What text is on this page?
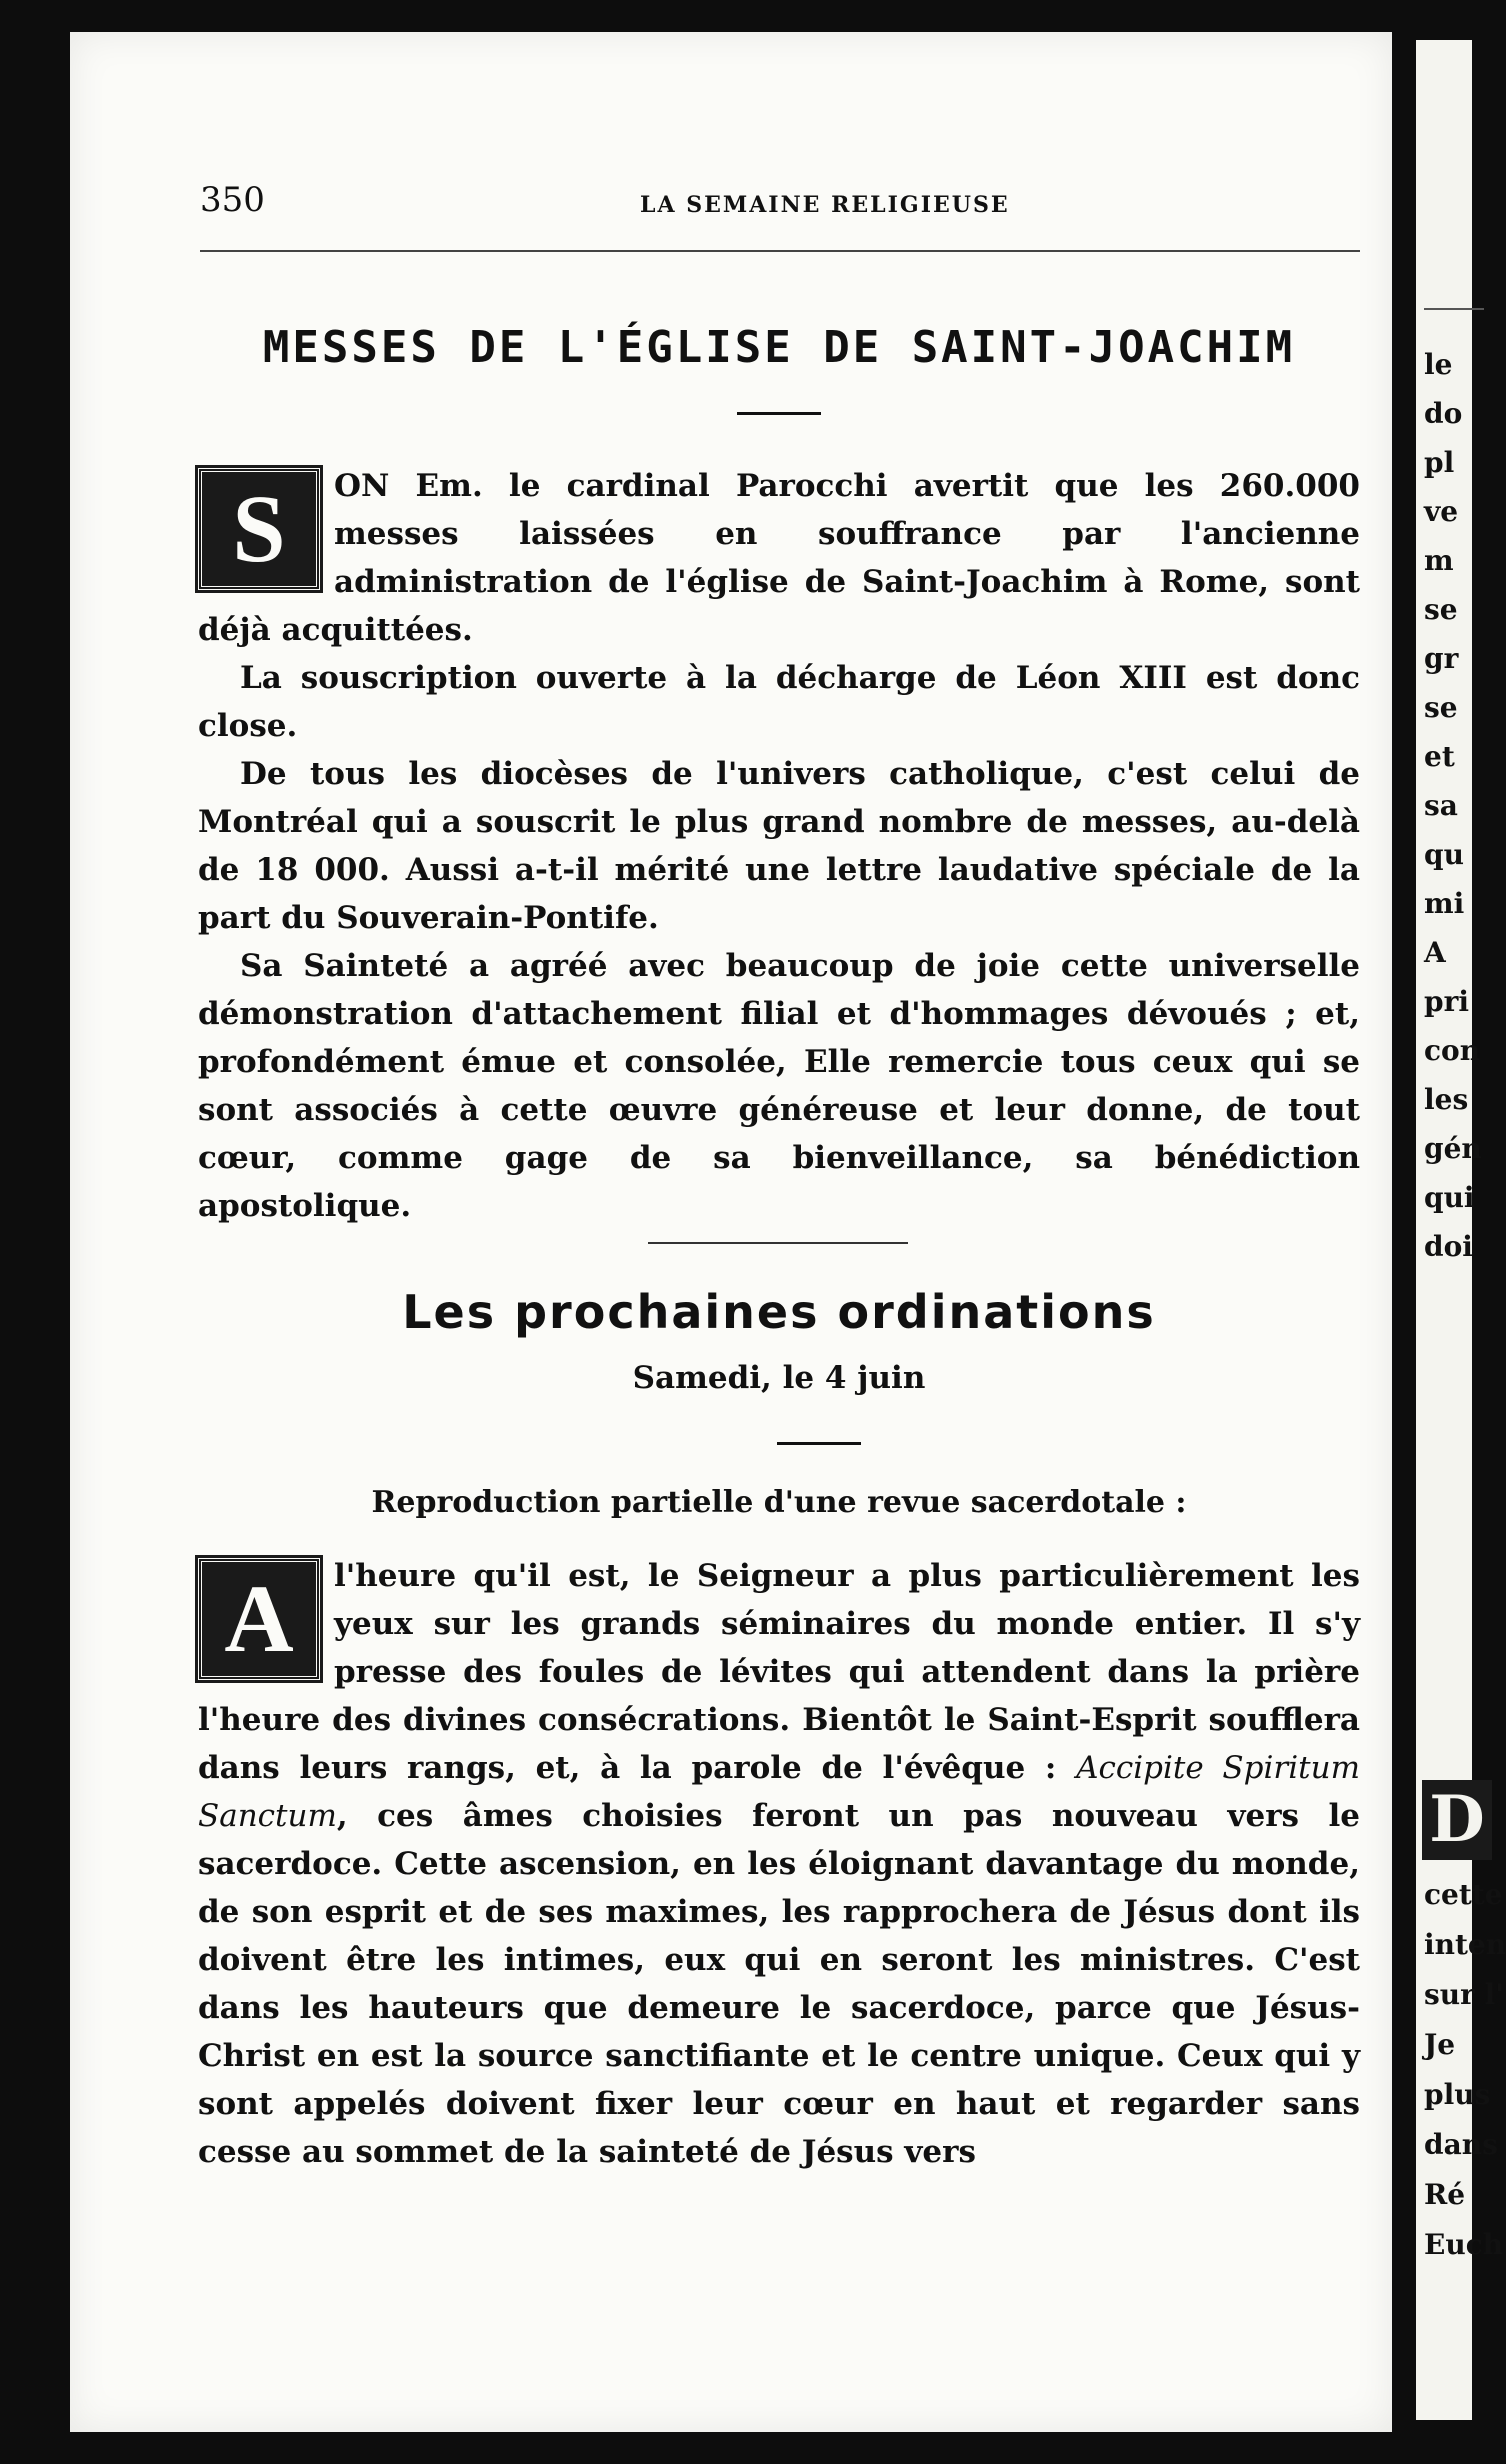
350	LA SEMAINE RELIGIEUSE
MESSES DE L'ÉGLISE DE SAINT-JOACHIM

S	ON Em. le cardinal Parocchi avertit que les 260.000 messes laissées en souffrance par l'ancienne administration de l'église de Saint-Joachim à Rome, sont déjà acquittées.

La souscription ouverte à la décharge de Léon XIII est donc close.

De tous les diocèses de l'univers catholique, c'est celui de Montréal qui a souscrit le plus grand nombre de messes, au-delà de 18 000. Aussi a-t-il mérité une lettre laudative spéciale de la part du Souverain-Pontife.

Sa Sainteté a agréé avec beaucoup de joie cette universelle démonstration d'attachement filial et d'hommages dévoués ; et, profondément émue et consolée, Elle remercie tous ceux qui se sont associés à cette œuvre généreuse et leur donne, de tout cœur, comme gage de sa bienveillance, sa bénédiction apostolique.

Les prochaines ordinations
Samedi, le 4 juin
Reproduction partielle d'une revue sacerdotale :

A	l'heure qu'il est, le Seigneur a plus particulièrement les yeux sur les grands séminaires du monde entier. Il s'y presse des foules de lévites qui attendent dans la prière l'heure des divines consécrations. Bientôt le Saint-Esprit soufflera dans leurs rangs, et, à la parole de l'évêque : Accipite Spiritum Sanctum, ces âmes choisies feront un pas nouveau vers le sacerdoce. Cette ascension, en les éloignant davantage du monde, de son esprit et de ses maximes, les rapprochera de Jésus dont ils doivent être les intimes, eux qui en seront les ministres. C'est dans les hauteurs que demeure le sacerdoce, parce que Jésus-Christ en est la source sanctifiante et le centre unique. Ceux qui y sont appelés doivent fixer leur cœur en haut et regarder sans cesse au sommet de la sainteté de Jésus vers

le
do
pl
ve
m
se
gr
se
et
sa
qu
mi
A
pri
con
les
gén
qui
doi
D
cette
inten
sur l'
Je
plus
dans
Ré
Euch
